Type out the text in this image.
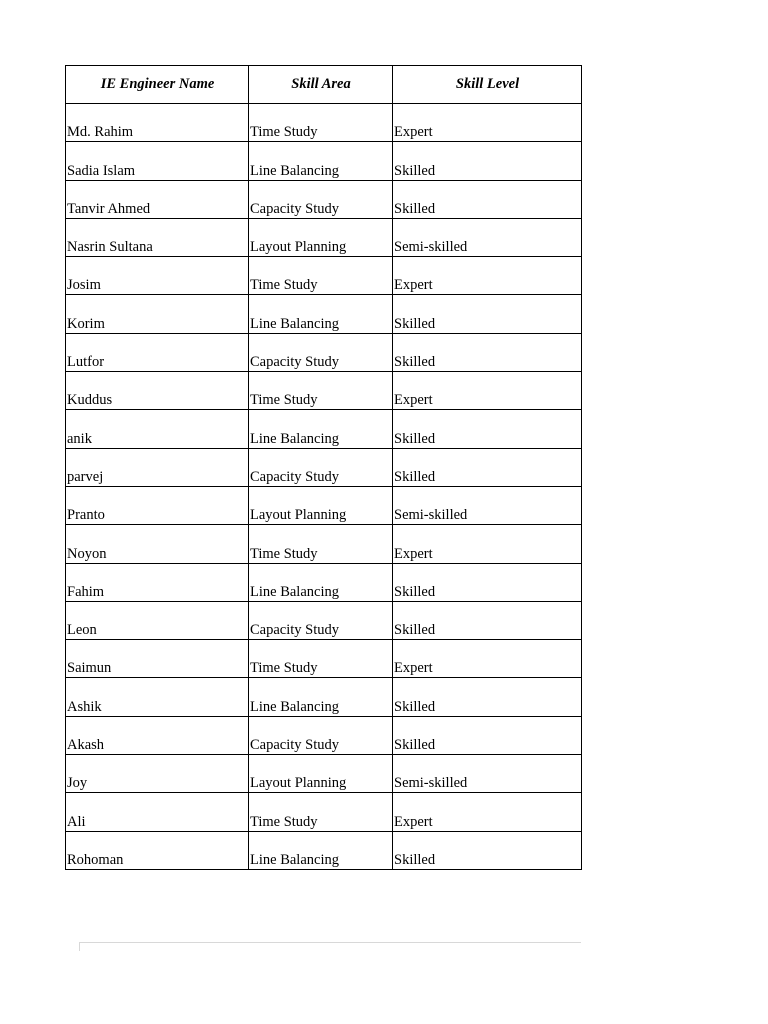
IE Engineer Name	Skill Area	Skill Level
Md. Rahim	Time Study	Expert
Sadia Islam	Line Balancing	Skilled
Tanvir Ahmed	Capacity Study	Skilled
Nasrin Sultana	Layout Planning	Semi-skilled
Josim	Time Study	Expert
Korim	Line Balancing	Skilled
Lutfor	Capacity Study	Skilled
Kuddus	Time Study	Expert
anik	Line Balancing	Skilled
parvej	Capacity Study	Skilled
Pranto	Layout Planning	Semi-skilled
Noyon	Time Study	Expert
Fahim	Line Balancing	Skilled
Leon	Capacity Study	Skilled
Saimun	Time Study	Expert
Ashik	Line Balancing	Skilled
Akash	Capacity Study	Skilled
Joy	Layout Planning	Semi-skilled
Ali	Time Study	Expert
Rohoman	Line Balancing	Skilled
